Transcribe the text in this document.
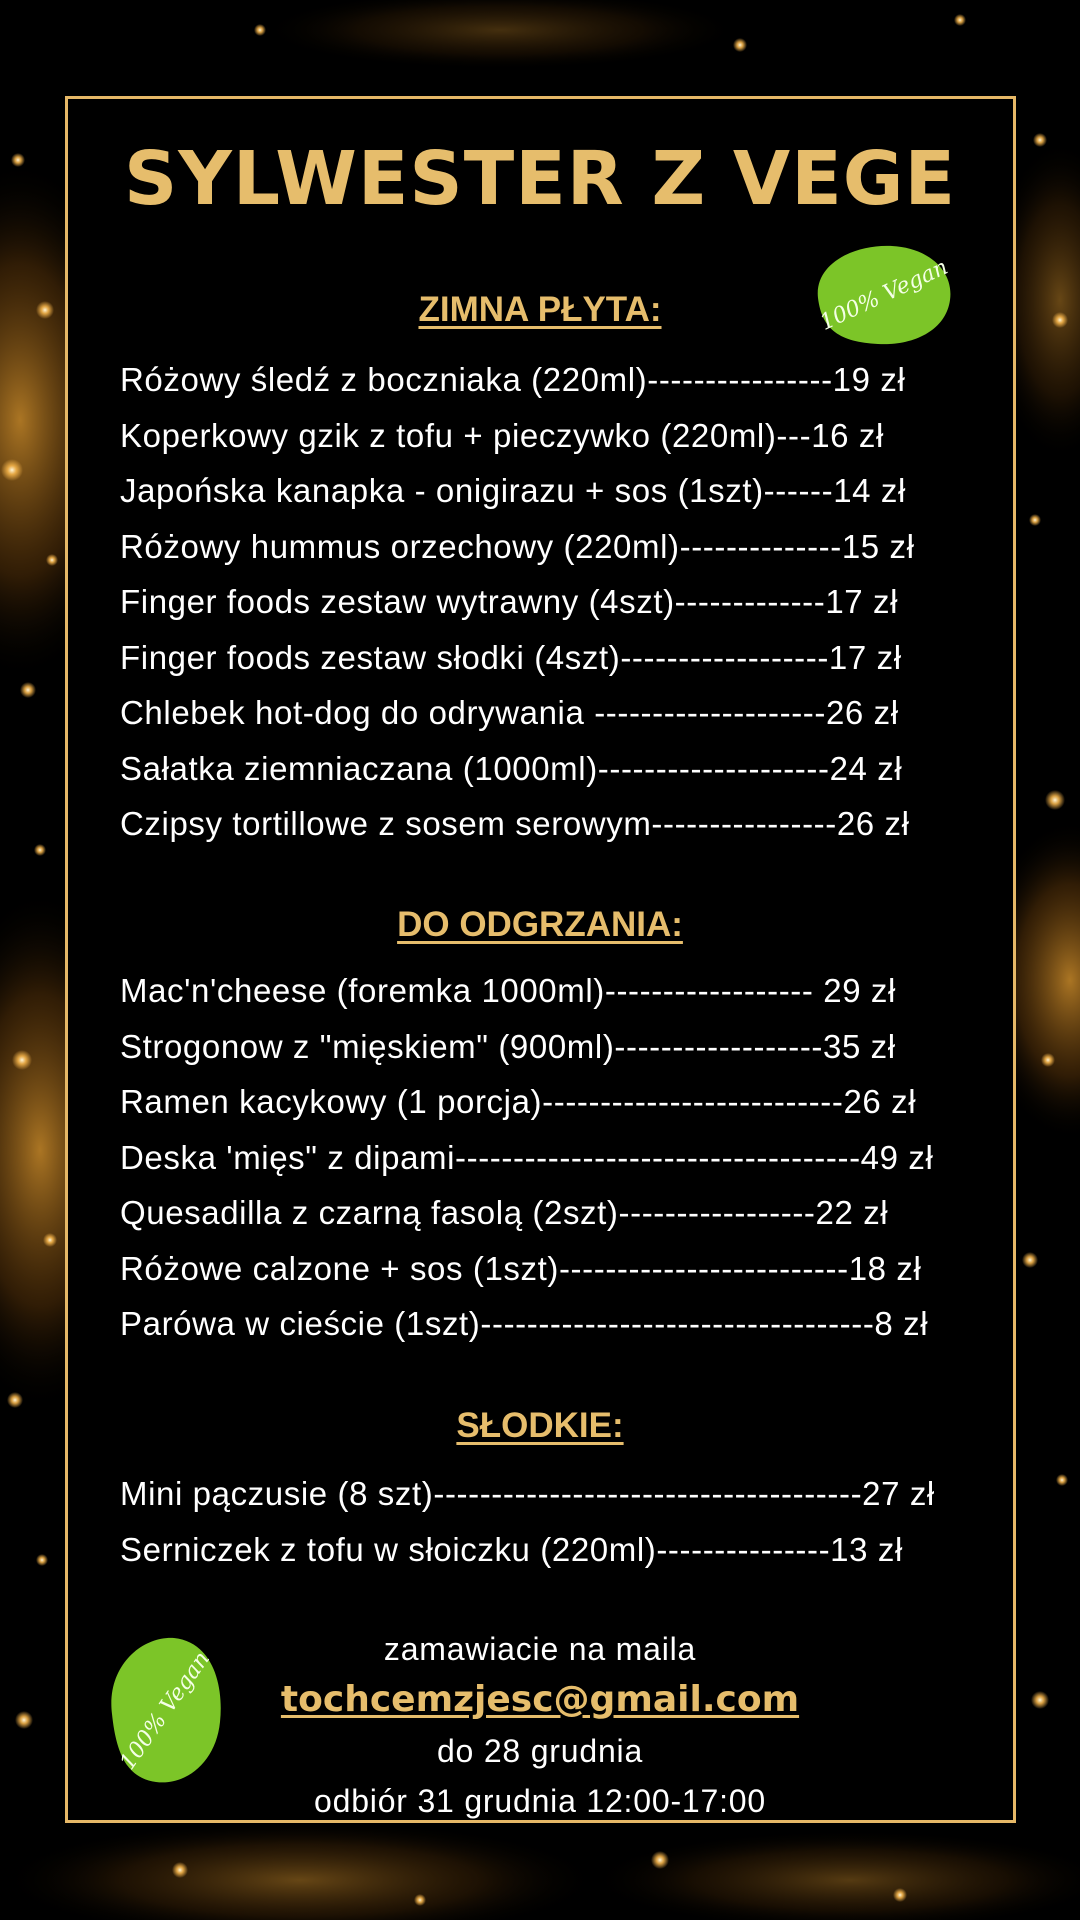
SYLWESTER Z VEGE
100% Vegan
ZIMNA PŁYTA:
Różowy śledź z boczniaka (220ml)----------------19 zł
Koperkowy gzik z tofu + pieczywko (220ml)---16 zł
Japońska kanapka - onigirazu + sos (1szt)------14 zł
Różowy hummus orzechowy (220ml)--------------15 zł
Finger foods zestaw wytrawny (4szt)-------------17 zł
Finger foods zestaw słodki (4szt)------------------17 zł
Chlebek hot-dog do odrywania --------------------26 zł
Sałatka ziemniaczana (1000ml)--------------------24 zł
Czipsy tortillowe z sosem serowym----------------26 zł
DO ODGRZANIA:
Mac'n'cheese (foremka 1000ml)------------------ 29 zł
Strogonow z "mięskiem" (900ml)------------------35 zł
Ramen kacykowy (1 porcja)--------------------------26 zł
Deska 'mięs" z dipami-----------------------------------49 zł
Quesadilla z czarną fasolą (2szt)-----------------22 zł
Różowe calzone + sos (1szt)-------------------------18 zł
Parówa w cieście (1szt)----------------------------------8 zł
SŁODKIE:
Mini pączusie (8 szt)-------------------------------------27 zł
Serniczek z tofu w słoiczku (220ml)---------------13 zł
100% Vegan	zamawiacie na maila
tochcemzjesc@gmail.com
do 28 grudnia
odbiór 31 grudnia 12:00-17:00
